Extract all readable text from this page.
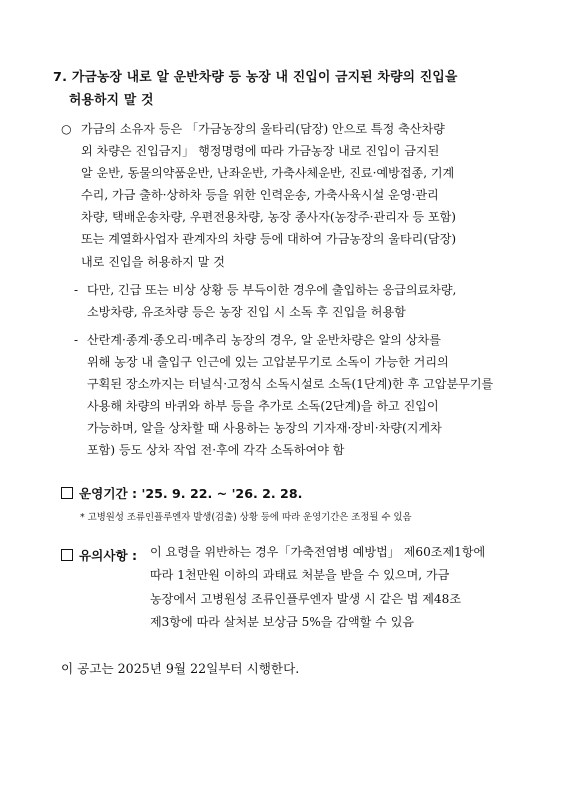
7. 가금농장 내로 알 운반차량 등 농장 내 진입이 금지된 차량의 진입을
허용하지 말 것
○ 가금의 소유자 등은 「가금농장의 울타리(담장) 안으로 특정 축산차량
외 차량은 진입금지」 행정명령에 따라 가금농장 내로 진입이 금지된
알 운반, 동물의약품운반, 난좌운반, 가축사체운반, 진료·예방접종, 기계
수리, 가금 출하·상하차 등을 위한 인력운송, 가축사육시설 운영·관리
차량, 택배운송차량, 우편전용차량, 농장 종사자(농장주·관리자 등 포함)
또는 계열화사업자 관계자의 차량 등에 대하여 가금농장의 울타리(담장)
내로 진입을 허용하지 말 것
- 다만, 긴급 또는 비상 상황 등 부득이한 경우에 출입하는 응급의료차량,
소방차량, 유조차량 등은 농장 진입 시 소독 후 진입을 허용함
- 산란계·종계·종오리·메추리 농장의 경우, 알 운반차량은 알의 상차를
위해 농장 내 출입구 인근에 있는 고압분무기로 소독이 가능한 거리의
구획된 장소까지는 터널식·고정식 소독시설로 소독(1단계)한 후 고압분무기를
사용해 차량의 바퀴와 하부 등을 추가로 소독(2단계)을 하고 진입이
가능하며, 알을 상차할 때 사용하는 농장의 기자재·장비·차량(지게차
포함) 등도 상차 작업 전·후에 각각 소독하여야 함
운영기간 : '25. 9. 22. ~ '26. 2. 28.
* 고병원성 조류인플루엔자 발생(검출) 상황 등에 따라 운영기간은 조정될 수 있음
유의사항 : 이 요령을 위반하는 경우「가축전염병 예방법」 제60조제1항에
따라 1천만원 이하의 과태료 처분을 받을 수 있으며, 가금
농장에서 고병원성 조류인플루엔자 발생 시 같은 법 제48조
제3항에 따라 살처분 보상금 5%을 감액할 수 있음
이 공고는 2025년 9월 22일부터 시행한다.
